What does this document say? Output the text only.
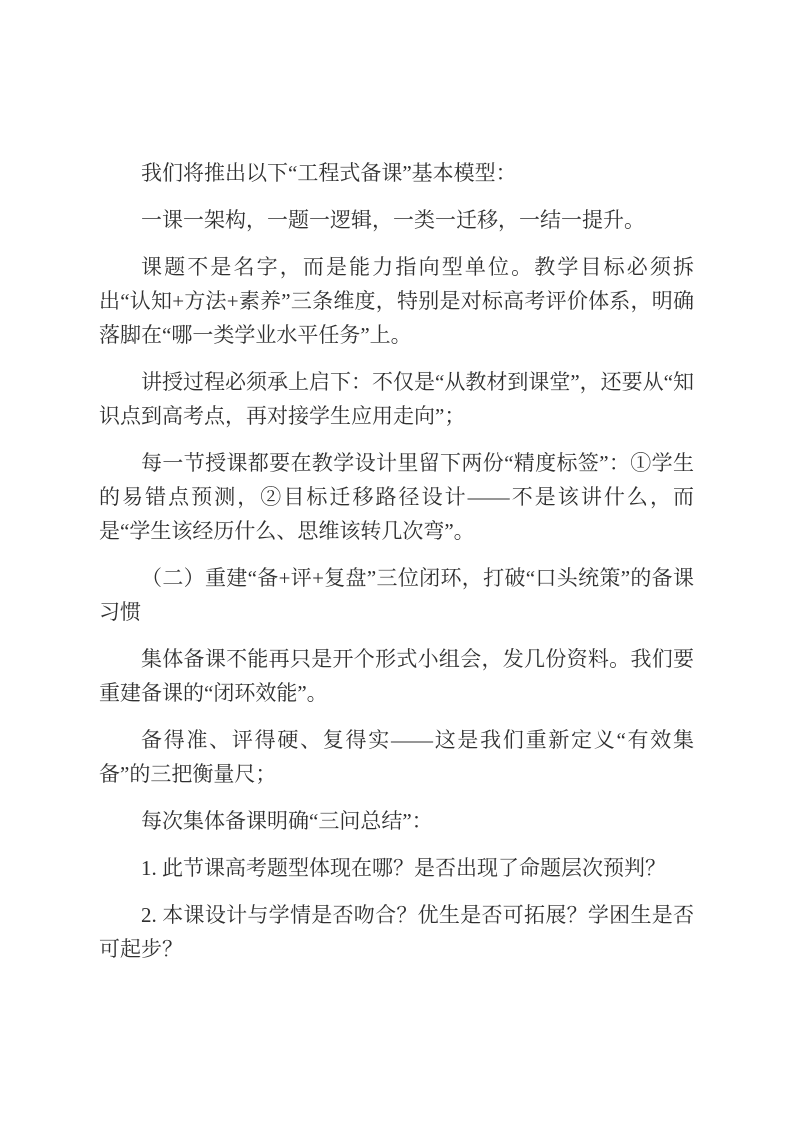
我们将推出以下“工程式备课”基本模型：

一课一架构，一题一逻辑，一类一迁移，一结一提升。

课题不是名字，而是能力指向型单位。教学目标必须拆出“认知+方法+素养”三条维度，特别是对标高考评价体系，明确落脚在“哪一类学业水平任务”上。

讲授过程必须承上启下：不仅是“从教材到课堂”，还要从“知识点到高考点，再对接学生应用走向”；

每一节授课都要在教学设计里留下两份“精度标签”：①学生的易错点预测，②目标迁移路径设计——不是该讲什么，而是“学生该经历什么、思维该转几次弯”。

（二）重建“备+评+复盘”三位闭环，打破“口头统策”的备课习惯

集体备课不能再只是开个形式小组会，发几份资料。我们要重建备课的“闭环效能”。

备得准、评得硬、复得实——这是我们重新定义“有效集备”的三把衡量尺；

每次集体备课明确“三问总结”：

1. 此节课高考题型体现在哪？是否出现了命题层次预判？

2. 本课设计与学情是否吻合？优生是否可拓展？学困生是否可起步？
